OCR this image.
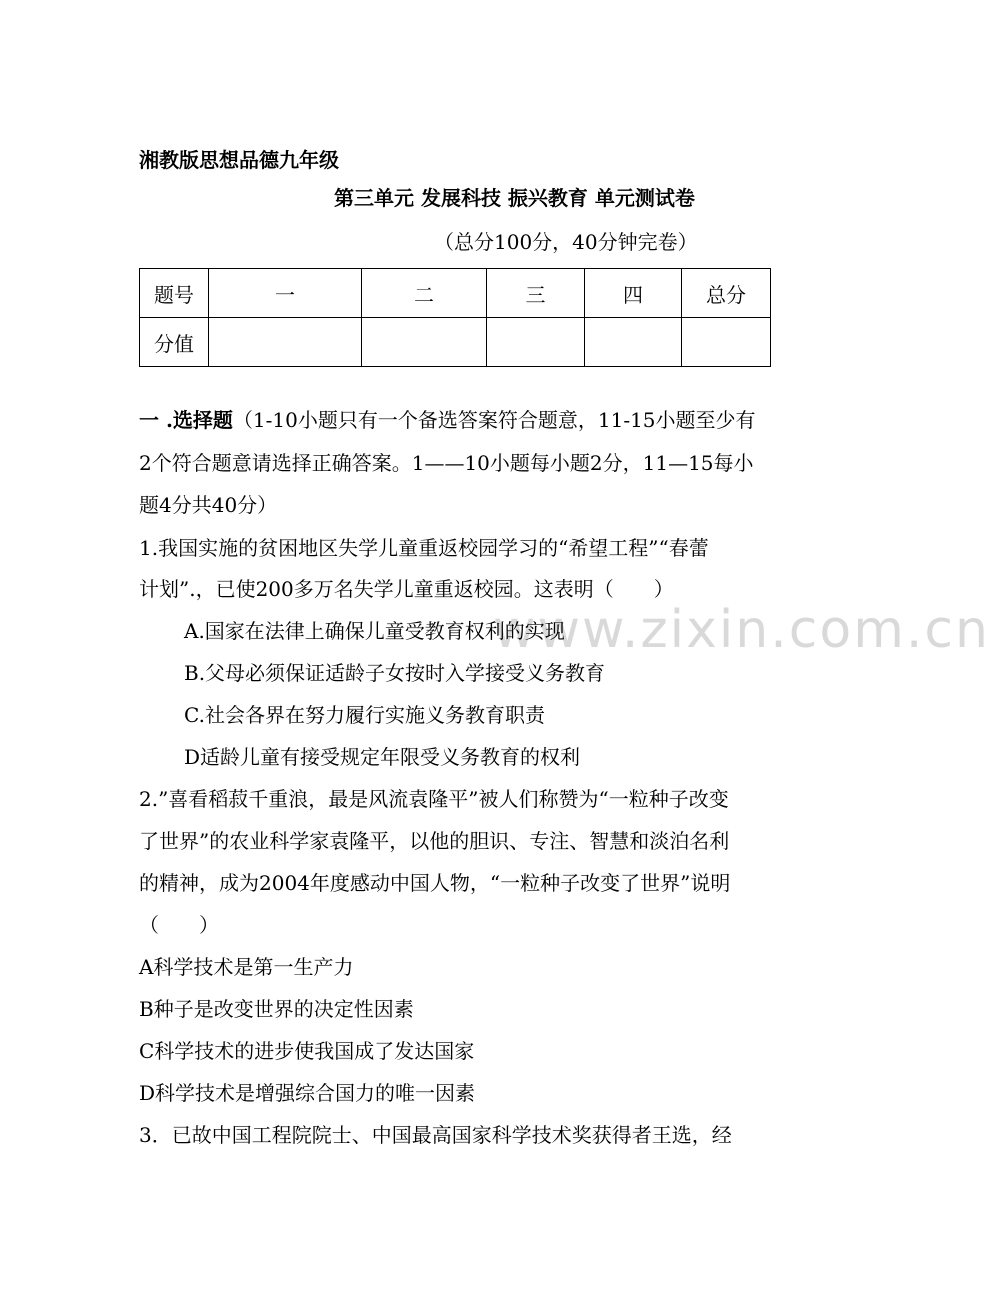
www.zixin.com.cn
湘教版思想品德九年级
第三单元 发展科技 振兴教育 单元测试卷
（总分100分，40分钟完卷）
题号	一	二	三	四	总分
分值					
一 .选择题（1-10小题只有一个备选答案符合题意，11-15小题至少有
2个符合题意请选择正确答案。1——10小题每小题2分，11—15每小
题4分共40分）
1.我国实施的贫困地区失学儿童重返校园学习的“希望工程”“春蕾
计划”.，已使200多万名失学儿童重返校园。这表明（　　）
A.国家在法律上确保儿童受教育权利的实现
B.父母必须保证适龄子女按时入学接受义务教育
C.社会各界在努力履行实施义务教育职责
D适龄儿童有接受规定年限受义务教育的权利
2.”喜看稻菽千重浪，最是风流袁隆平”被人们称赞为“一粒种子改变
了世界”的农业科学家袁隆平，以他的胆识、专注、智慧和淡泊名利
的精神，成为2004年度感动中国人物，“一粒种子改变了世界”说明
（　　）
A科学技术是第一生产力
B种子是改变世界的决定性因素
C科学技术的进步使我国成了发达国家
D科学技术是增强综合国力的唯一因素
3．已故中国工程院院士、中国最高国家科学技术奖获得者王选，经
